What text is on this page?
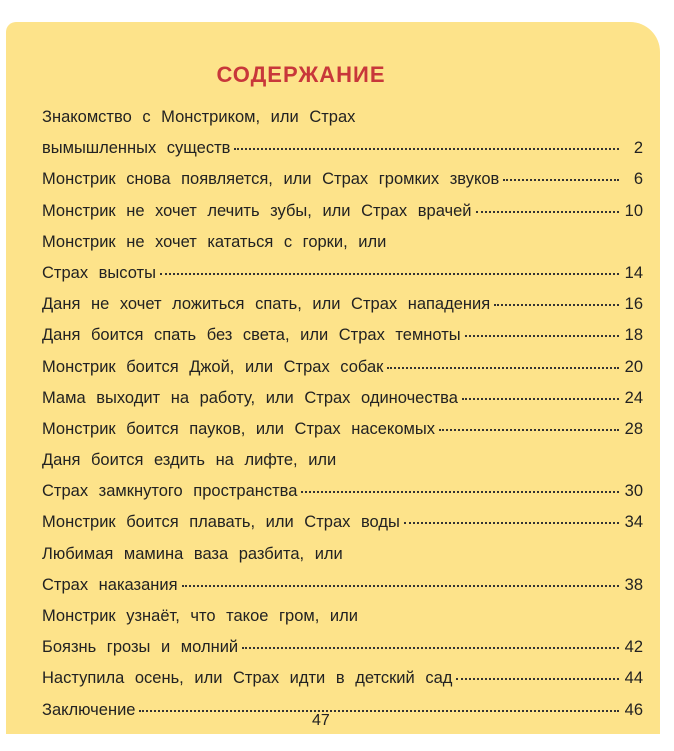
СОДЕРЖАНИЕ
Знакомство с Монстриком, или Страх
вымышленных существ	2
Монстрик снова появляется, или Страх громких звуков	6
Монстрик не хочет лечить зубы, или Страх врачей	10
Монстрик не хочет кататься с горки, или
Страх высоты	14
Даня не хочет ложиться спать, или Страх нападения	16
Даня боится спать без света, или Страх темноты	18
Монстрик боится Джой, или Страх собак	20
Мама выходит на работу, или Страх одиночества	24
Монстрик боится пауков, или Страх насекомых	28
Даня боится ездить на лифте, или
Страх замкнутого пространства	30
Монстрик боится плавать, или Страх воды	34
Любимая мамина ваза разбита, или
Страх наказания	38
Монстрик узнаёт, что такое гром, или
Боязнь грозы и молний	42
Наступила осень, или Страх идти в детский сад	44
Заключение	46
47
